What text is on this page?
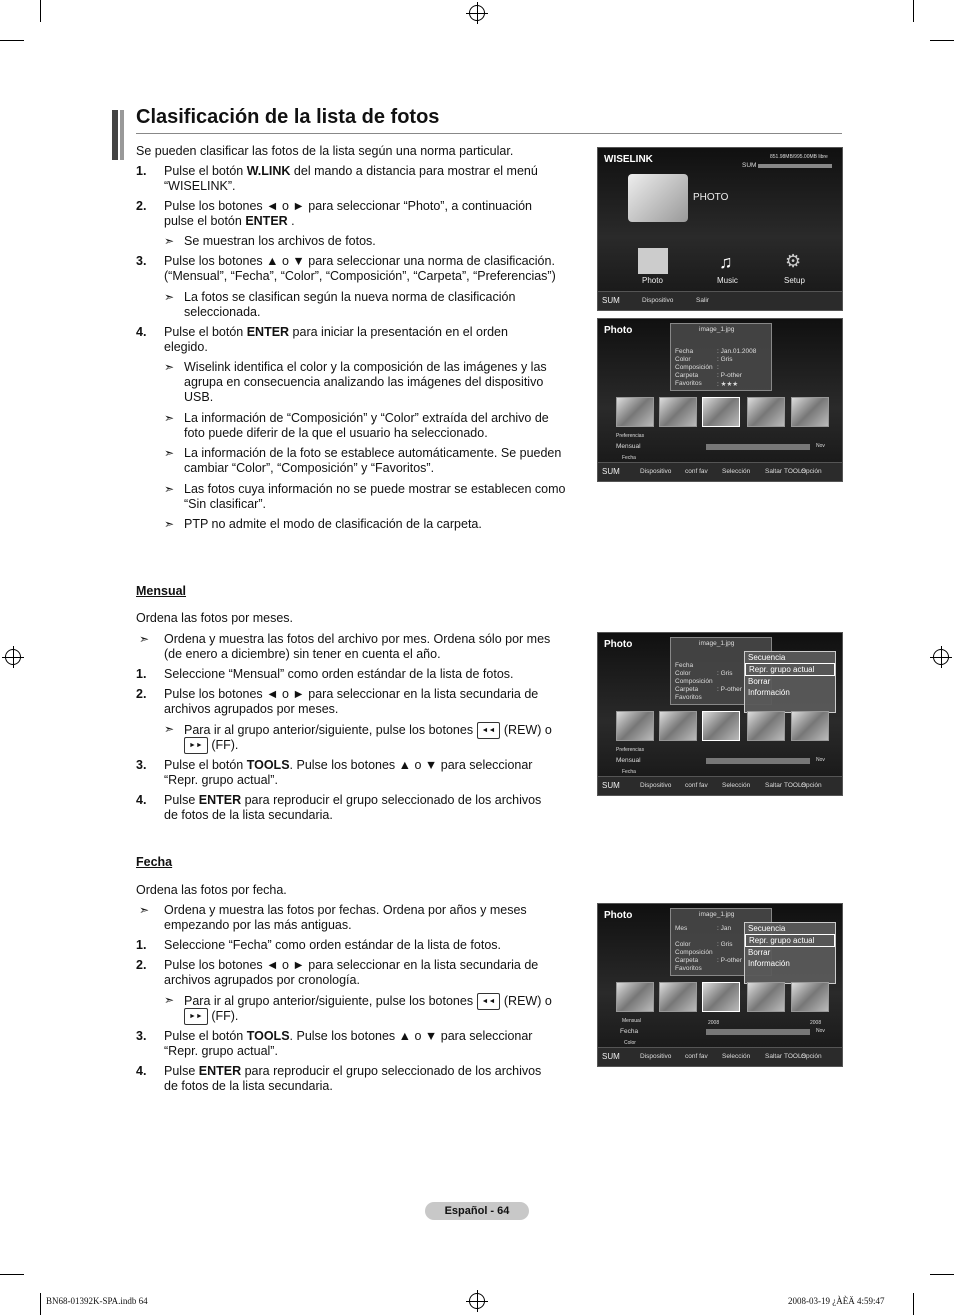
Clasificación de la lista de fotos
Se pueden clasificar las fotos de la lista según una norma particular.
1. Pulse el botón W.LINK del mando a distancia para mostrar el menú
“WISELINK”.
2. Pulse los botones ◄ o ► para seleccionar “Photo”, a continuación
pulse el botón ENTER .
➣ Se muestran los archivos de fotos.
3. Pulse los botones ▲ o ▼ para seleccionar una norma de clasificación.
(“Mensual”, “Fecha”, “Color”, “Composición”, “Carpeta”, “Preferencias”)
➣ La fotos se clasifican según la nueva norma de clasificación
seleccionada.
4. Pulse el botón ENTER para iniciar la presentación en el orden
elegido.
➣ Wiselink identifica el color y la composición de las imágenes y las
agrupa en consecuencia analizando las imágenes del dispositivo
USB.
➣ La información de “Composición” y “Color” extraída del archivo de
foto puede diferir de la que el usuario ha seleccionado.
➣ La información de la foto se establece automáticamente. Se pueden
cambiar “Color”, “Composición” y “Favoritos”.
➣ Las fotos cuya información no se puede mostrar se establecen como
“Sin clasificar”.
➣ PTP no admite el modo de clasificación de la carpeta.
Mensual
Ordena las fotos por meses.
➣ Ordena y muestra las fotos del archivo por mes. Ordena sólo por mes
(de enero a diciembre) sin tener en cuenta el año.
1. Seleccione “Mensual” como orden estándar de la lista de fotos.
2. Pulse los botones ◄ o ► para seleccionar en la lista secundaria de
archivos agrupados por meses.
➣ Para ir al grupo anterior/siguiente, pulse los botones ◄◄ (REW) o
►► (FF).
3. Pulse el botón TOOLS. Pulse los botones ▲ o ▼ para seleccionar
“Repr. grupo actual”.
4. Pulse ENTER para reproducir el grupo seleccionado de los archivos
de fotos de la lista secundaria.
Fecha
Ordena las fotos por fecha.
➣ Ordena y muestra las fotos por fechas. Ordena por años y meses
empezando por las más antiguas.
1. Seleccione “Fecha” como orden estándar de la lista de fotos.
2. Pulse los botones ◄ o ► para seleccionar en la lista secundaria de
archivos agrupados por cronología.
➣ Para ir al grupo anterior/siguiente, pulse los botones ◄◄ (REW) o
►► (FF).
3. Pulse el botón TOOLS. Pulse los botones ▲ o ▼ para seleccionar
“Repr. grupo actual”.
4. Pulse ENTER para reproducir el grupo seleccionado de los archivos
de fotos de la lista secundaria.
WISELINK	851.98MB/995.00MB libre
SUM
PHOTO
♫	⚙
Photo	Music	Setup
SUM	Dispositivo	Salir
Photo	image_1.jpg
Fecha	: Jan.01.2008
Color	: Gris
Composición :
Carpeta	: P-other
Favoritos : ★★★
Preferencias
Mensual	Nov
Fecha
SUM	Dispositivo conf fav Selección Saltar TOOLS
Opción
Photo	image_1.jpg
Fecha
Color	: Gris
Composición
Carpeta	: P-other
Favoritos
Secuencia
Repr. grupo actual
Borrar
Información
Preferencias
Mensual	Nov
Fecha
SUM	Dispositivo conf fav Selección Saltar TOOLS
Opción
Photo	image_1.jpg
Mes	: Jan
Color	: Gris
Composición
Carpeta	: P-other
Favoritos
Secuencia
Repr. grupo actual
Borrar
Información
Mensual	2008	2008
Fecha	Nov
Color
SUM	Dispositivo conf fav Selección Saltar TOOLS
Opción
Español - 64
BN68-01392K-SPA.indb 64	2008-03-19 ¿ÀÈÄ 4:59:47
